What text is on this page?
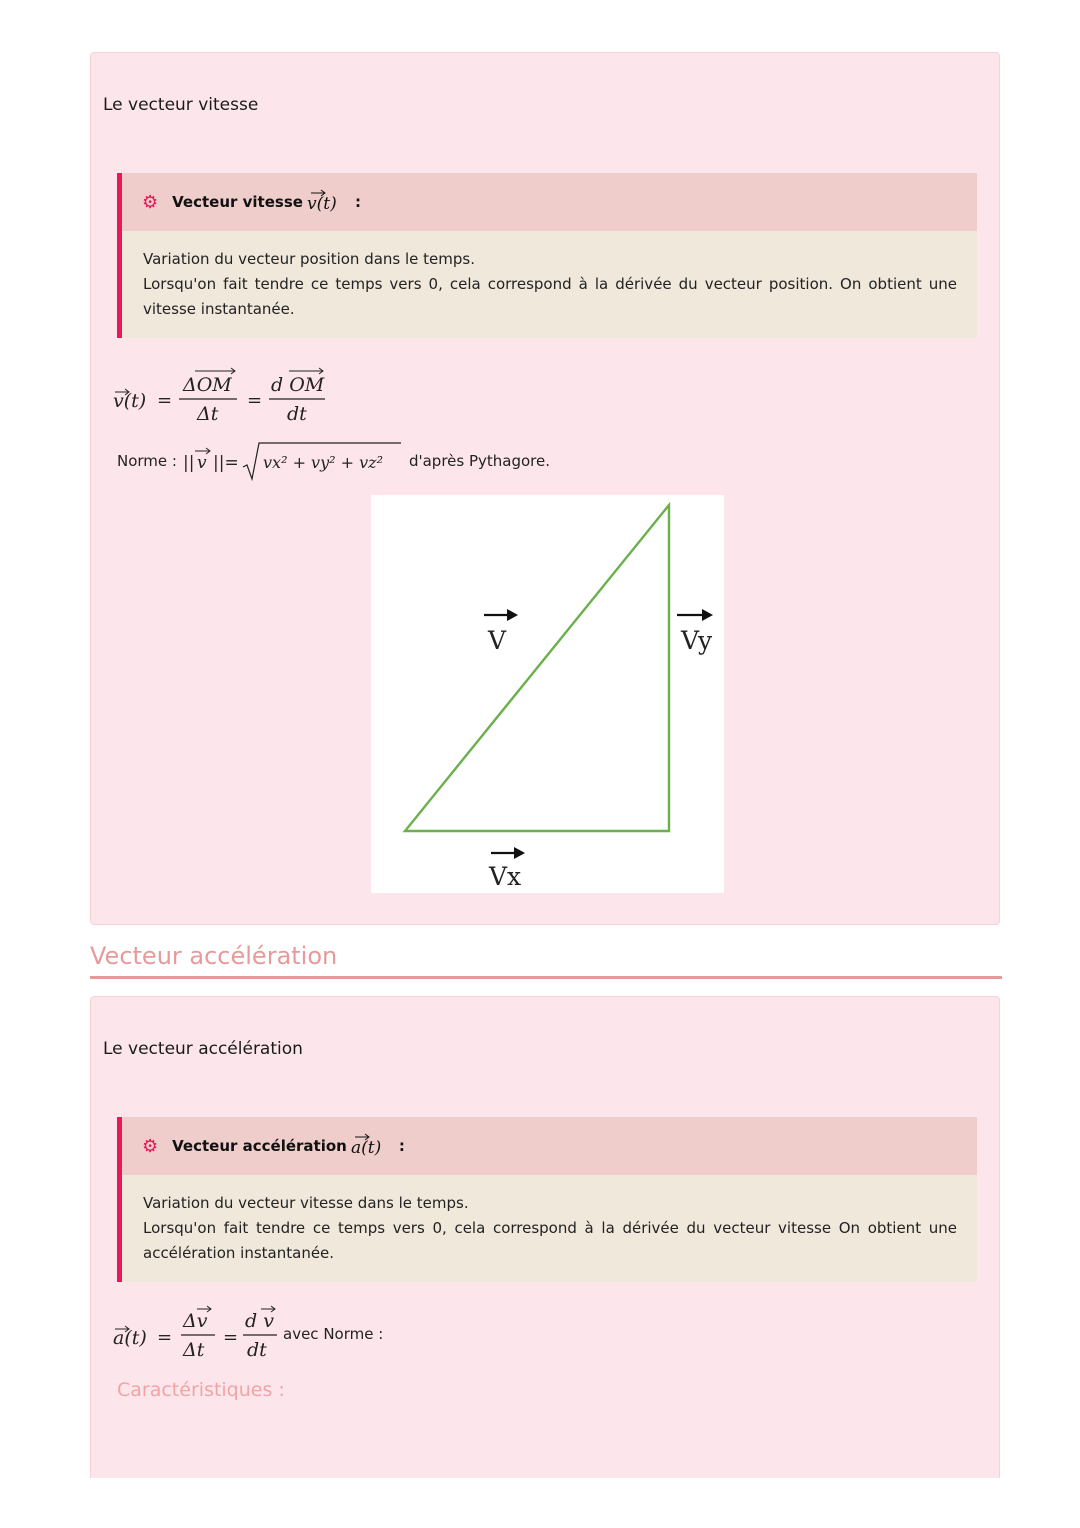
Le vecteur vitesse
⚙ Vecteur vitesse v(t) :

Variation du vecteur position dans le temps.

Lorsqu'on fait tendre ce temps vers 0, cela correspond à la dérivée du vecteur position. On obtient une vitesse instantanée.

v(t) =
ΔOM
Δt
=
d OM
dt
Norme : || v ||= vx² + vy² + vz² d'après Pythagore.
V	Vy
Vx
Vecteur accélération
Le vecteur accélération
⚙ Vecteur accélération a(t) :

Variation du vecteur vitesse dans le temps.

Lorsqu'on fait tendre ce temps vers 0, cela correspond à la dérivée du vecteur vitesse On obtient une accélération instantanée.

a(t) =
Δv
Δt
=
d v
dt
avec Norme :
Caractéristiques :
